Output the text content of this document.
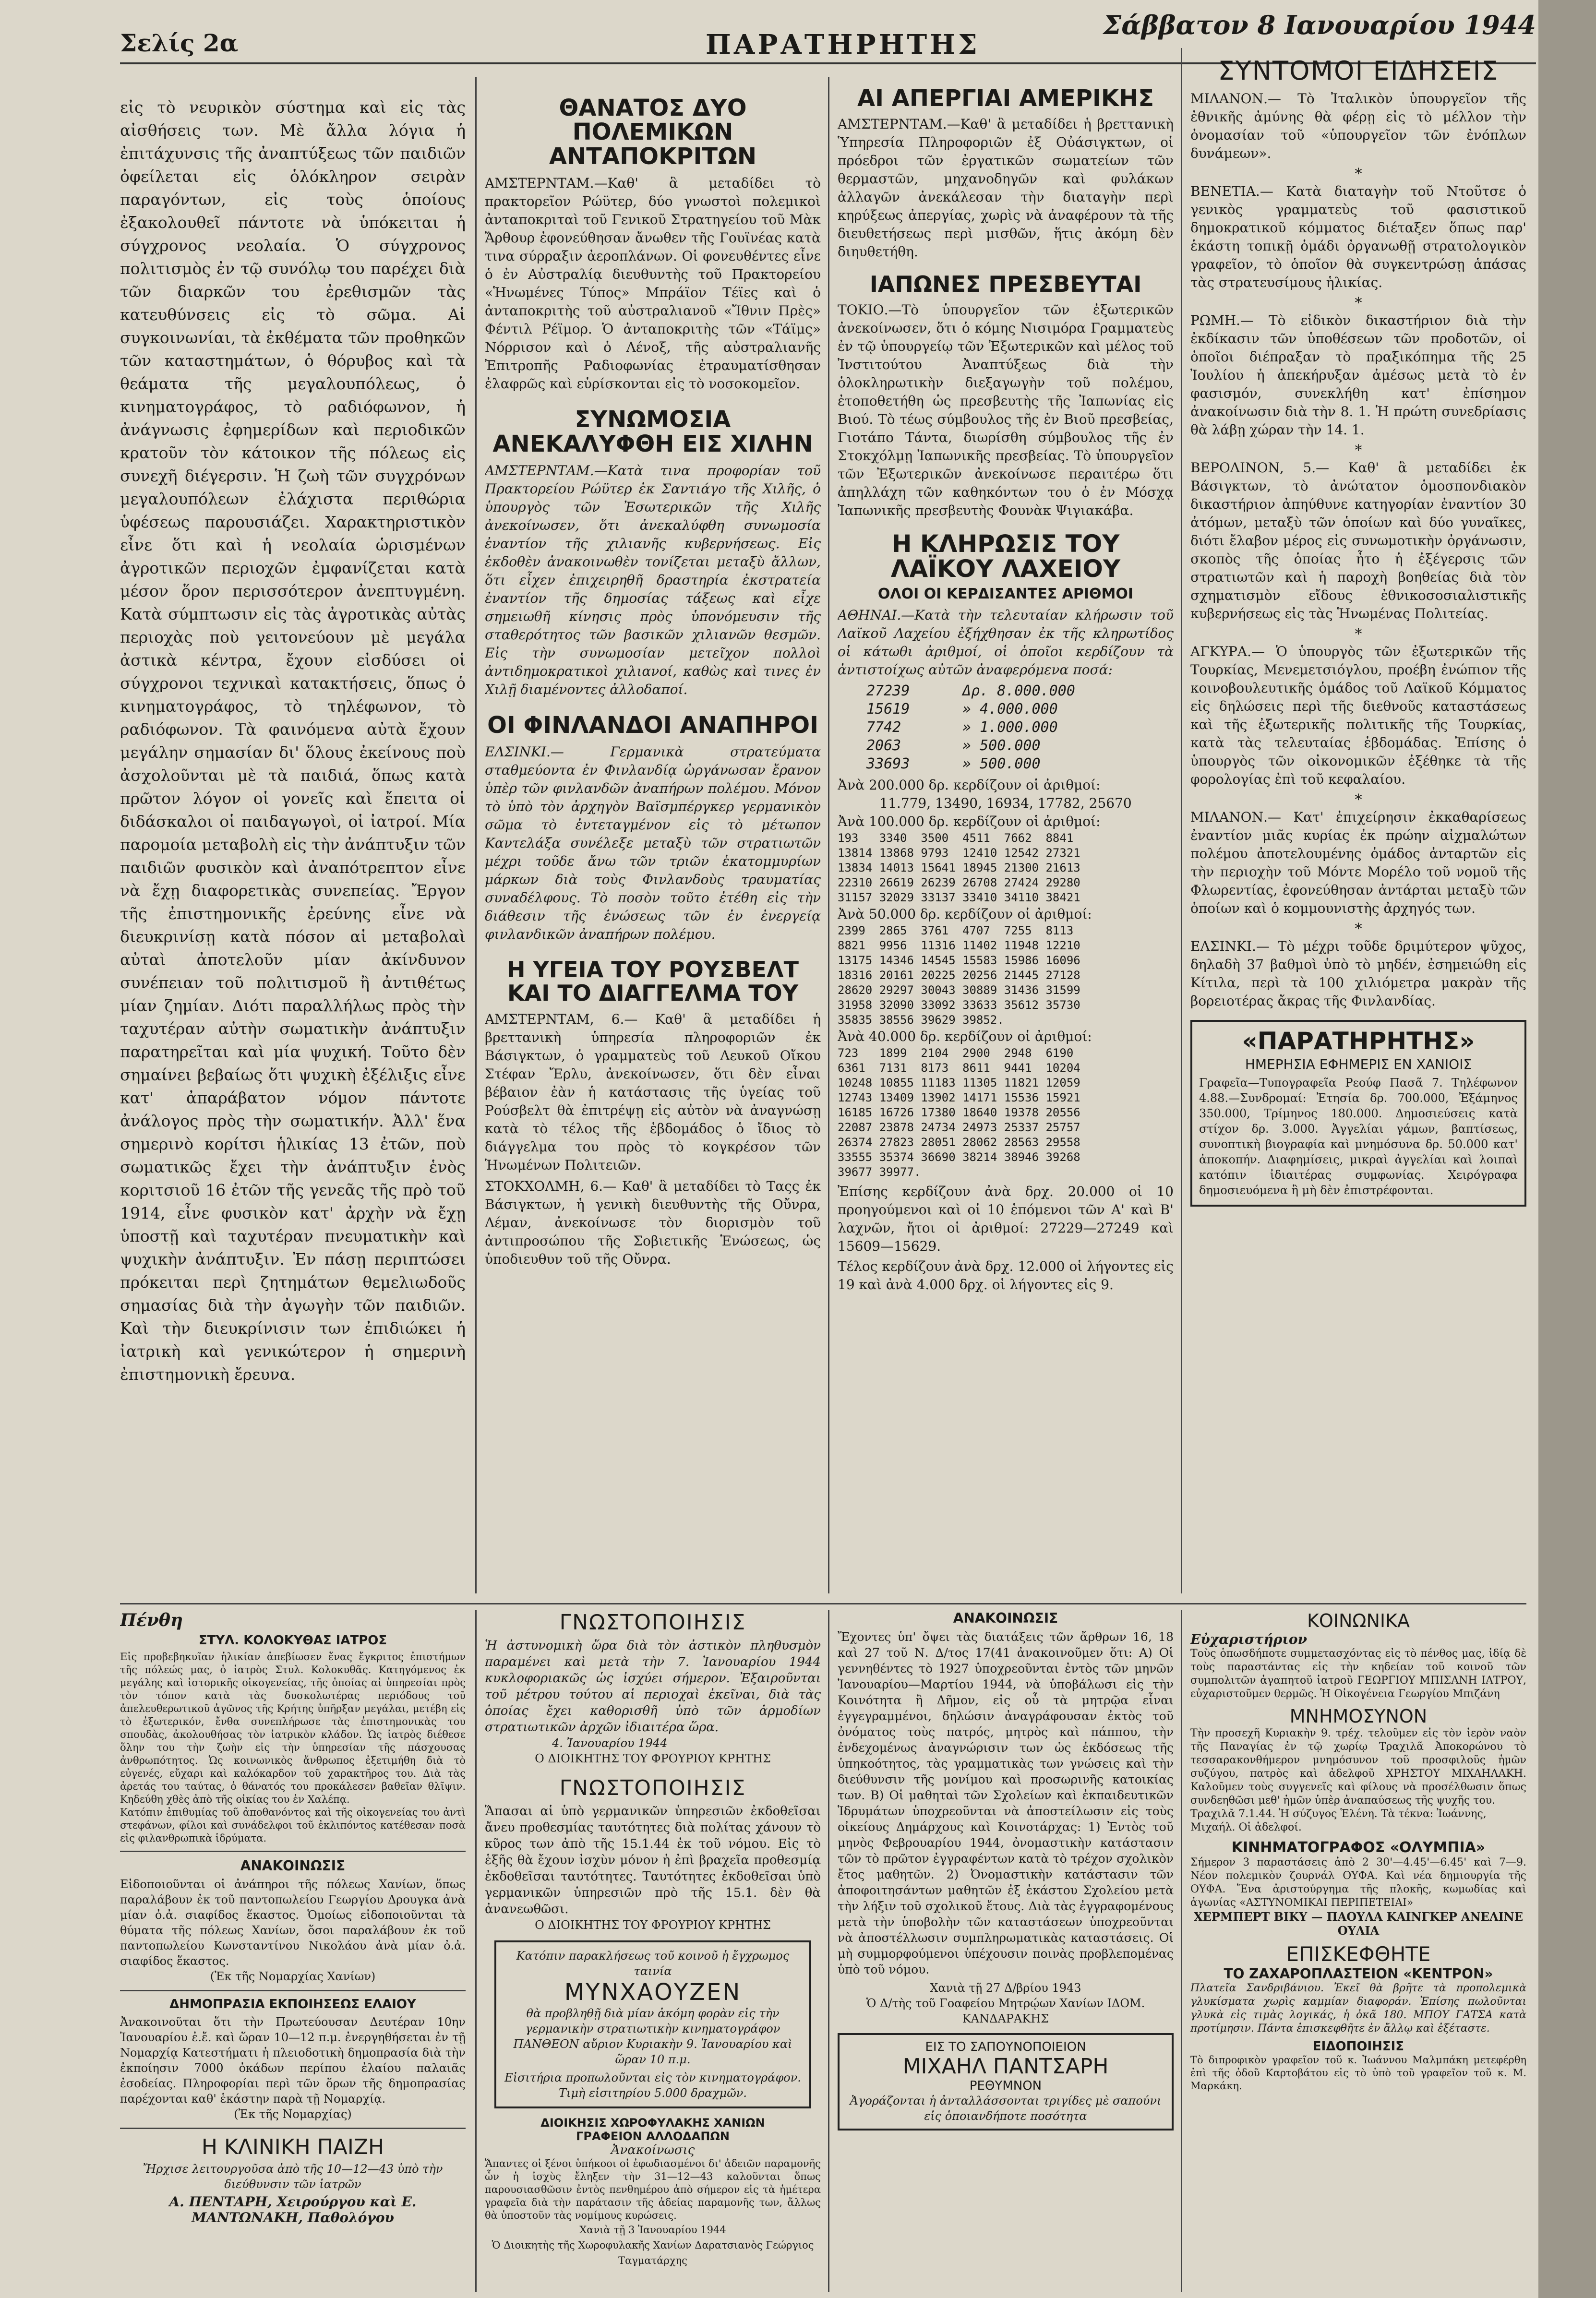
Σελίς 2α	ΠΑΡΑΤΗΡΗΤΗΣ
Σάββατον 8 Ιανουαρίου 1944

εἰς τὸ νευρικὸν σύστημα καὶ εἰς τὰς αἰσθήσεις των. Μὲ ἄλλα λόγια ἡ ἐπιτάχυνσις τῆς ἀναπτύξεως τῶν παιδιῶν ὀφείλεται εἰς ὁλόκληρον σειρὰν παραγόντων, εἰς τοὺς ὁποίους ἐξακολουθεῖ πάντοτε νὰ ὑπόκειται ἡ σύγχρονος νεολαία. Ὁ σύγχρονος πολιτισμὸς ἐν τῷ συνόλῳ του παρέχει διὰ τῶν διαρκῶν του ἐρεθισμῶν τὰς κατευθύνσεις εἰς τὸ σῶμα. Αἱ συγκοινωνίαι, τὰ ἐκθέματα τῶν προθηκῶν τῶν καταστημάτων, ὁ θόρυβος καὶ τὰ θεάματα τῆς μεγαλουπόλεως, ὁ κινηματογράφος, τὸ ραδιόφωνον, ἡ ἀνάγνωσις ἐφημερίδων καὶ περιοδικῶν κρατοῦν τὸν κάτοικον τῆς πόλεως εἰς συνεχῆ διέγερσιν. Ἡ ζωὴ τῶν συγχρόνων μεγαλουπόλεων ἐλάχιστα περιθώρια ὑφέσεως παρουσιάζει. Χαρακτηριστικὸν εἶνε ὅτι καὶ ἡ νεολαία ὡρισμένων ἀγροτικῶν περιοχῶν ἐμφανίζεται κατὰ μέσον ὅρον περισσότερον ἀνεπτυγμένη. Κατὰ σύμπτωσιν εἰς τὰς ἀγροτικὰς αὐτὰς περιοχὰς ποὺ γειτονεύουν μὲ μεγάλα ἀστικὰ κέντρα, ἔχουν εἰσδύσει οἱ σύγχρονοι τεχνικαὶ κατακτήσεις, ὅπως ὁ κινηματογράφος, τὸ τηλέφωνον, τὸ ραδιόφωνον. Τὰ φαινόμενα αὐτὰ ἔχουν μεγάλην σημασίαν δι' ὅλους ἐκείνους ποὺ ἀσχολοῦνται μὲ τὰ παιδιά, ὅπως κατὰ πρῶτον λόγον οἱ γονεῖς καὶ ἔπειτα οἱ διδάσκαλοι οἱ παιδαγωγοὶ, οἱ ἰατροί. Μία παρομοία μεταβολὴ εἰς τὴν ἀνάπτυξιν τῶν παιδιῶν φυσικὸν καὶ ἀναπότρεπτον εἶνε νὰ ἔχῃ διαφορετικὰς συνεπείας. Ἔργον τῆς ἐπιστημονικῆς ἐρεύνης εἶνε νὰ διευκρινίσῃ κατὰ πόσον αἱ μεταβολαὶ αὐταὶ ἀποτελοῦν μίαν ἀκίνδυνον συνέπειαν τοῦ πολιτισμοῦ ἢ ἀντιθέτως μίαν ζημίαν. Διότι παραλλήλως πρὸς τὴν ταχυτέραν αὐτὴν σωματικὴν ἀνάπτυξιν παρατηρεῖται καὶ μία ψυχική. Τοῦτο δὲν σημαίνει βεβαίως ὅτι ψυχικὴ ἐξέλιξις εἶνε κατ' ἀπαράβατον νόμον πάντοτε ἀνάλογος πρὸς τὴν σωματικήν. Ἀλλ' ἕνα σημερινὸ κορίτσι ἡλικίας 13 ἐτῶν, ποὺ σωματικῶς ἔχει τὴν ἀνάπτυξιν ἑνὸς κοριτσιοῦ 16 ἐτῶν τῆς γενεᾶς τῆς πρὸ τοῦ 1914, εἶνε φυσικὸν κατ' ἀρχὴν νὰ ἔχῃ ὑποστῇ καὶ ταχυτέραν πνευματικὴν καὶ ψυχικὴν ἀνάπτυξιν. Ἐν πάσῃ περιπτώσει πρόκειται περὶ ζητημάτων θεμελιωδοῦς σημασίας διὰ τὴν ἀγωγὴν τῶν παιδιῶν. Καὶ τὴν διευκρίνισιν των ἐπιδιώκει ἡ ἰατρικὴ καὶ γενικώτερον ἡ σημερινὴ ἐπιστημονικὴ ἔρευνα.

ΘΑΝΑΤΟΣ ΔΥΟ ΠΟΛΕΜΙΚΩΝ ΑΝΤΑΠΟΚΡΙΤΩΝ

ΑΜΣΤΕΡΝΤΑΜ.—Καθ' ἃ μεταδίδει τὸ πρακτορεῖον Ρώϋτερ, δύο γνωστοὶ πολεμικοὶ ἀνταποκριταὶ τοῦ Γενικοῦ Στρατηγείου τοῦ Μὰκ Ἄρθουρ ἐφονεύθησαν ἄνωθεν τῆς Γουϊνέας κατὰ τινα σύρραξιν ἀεροπλάνων. Οἱ φονευθέντες εἶνε ὁ ἐν Αὐστραλίᾳ διευθυντὴς τοῦ Πρακτορείου «Ἡνωμένες Τύπος» Μπράϊον Τέϊες καὶ ὁ ἀνταποκριτὴς τοῦ αὐστραλιανοῦ «Ἴθνιν Πρὲς» Φέντιλ Ρέϊμορ. Ὁ ἀνταποκριτὴς τῶν «Τάϊμς» Νόρρισον καὶ ὁ Λένοξ, τῆς αὐστραλιανῆς Ἐπιτροπῆς Ραδιοφωνίας ἐτραυματίσθησαν ἐλαφρῶς καὶ εὑρίσκονται εἰς τὸ νοσοκομεῖον.

ΣΥΝΩΜΟΣΙΑ ΑΝΕΚΑΛΥΦΘΗ ΕΙΣ ΧΙΛΗΝ

ΑΜΣΤΕΡΝΤΑΜ.—Κατὰ τινα προφορίαν τοῦ Πρακτορείου Ρώϋτερ ἐκ Σαντιάγο τῆς Χιλῆς, ὁ ὑπουργὸς τῶν Ἐσωτερικῶν τῆς Χιλῆς ἀνεκοίνωσεν, ὅτι ἀνεκαλύφθη συνωμοσία ἐναντίον τῆς χιλιανῆς κυβερνήσεως. Εἰς ἐκδοθὲν ἀνακοινωθὲν τονίζεται μεταξὺ ἄλλων, ὅτι εἶχεν ἐπιχειρηθῆ δραστηρία ἐκστρατεία ἐναντίον τῆς δημοσίας τάξεως καὶ εἶχε σημειωθῆ κίνησις πρὸς ὑπονόμευσιν τῆς σταθερότητος τῶν βασικῶν χιλιανῶν θεσμῶν. Εἰς τὴν συνωμοσίαν μετεῖχον πολλοὶ ἀντιδημοκρατικοὶ χιλιανοί, καθὼς καὶ τινες ἐν Χιλῇ διαμένοντες ἀλλοδαποί.

ΟΙ ΦΙΝΛΑΝΔΟΙ ΑΝΑΠΗΡΟΙ

ΕΛΣΙΝΚΙ.— Γερμανικὰ στρατεύματα σταθμεύοντα ἐν Φινλανδίᾳ ὠργάνωσαν ἔρανον ὑπὲρ τῶν φινλανδῶν ἀναπήρων πολέμου. Μόνον τὸ ὑπὸ τὸν ἀρχηγὸν Βαϊσμπέργκερ γερμανικὸν σῶμα τὸ ἐντεταγμένον εἰς τὸ μέτωπον Καντελάξα συνέλεξε μεταξὺ τῶν στρατιωτῶν μέχρι τοῦδε ἄνω τῶν τριῶν ἑκατομμυρίων μάρκων διὰ τοὺς Φινλανδοὺς τραυματίας συναδέλφους. Τὸ ποσὸν τοῦτο ἐτέθη εἰς τὴν διάθεσιν τῆς ἑνώσεως τῶν ἐν ἐνεργείᾳ φινλανδικῶν ἀναπήρων πολέμου.

Η ΥΓΕΙΑ ΤΟΥ ΡΟΥΣΒΕΛΤ ΚΑΙ ΤΟ ΔΙΑΓΓΕΛΜΑ ΤΟΥ

ΑΜΣΤΕΡΝΤΑΜ, 6.— Καθ' ἃ μεταδίδει ἡ βρεττανικὴ ὑπηρεσία πληροφοριῶν ἐκ Βάσιγκτων, ὁ γραμματεὺς τοῦ Λευκοῦ Οἴκου Στέφαν Ἔρλυ, ἀνεκοίνωσεν, ὅτι δὲν εἶναι βέβαιον ἐὰν ἡ κατάστασις τῆς ὑγείας τοῦ Ρούσβελτ θὰ ἐπιτρέψῃ εἰς αὐτὸν νὰ ἀναγνώσῃ κατὰ τὸ τέλος τῆς ἑβδομάδος ὁ ἴδιος τὸ διάγγελμα του πρὸς τὸ κογκρέσον τῶν Ἡνωμένων Πολιτειῶν.

ΣΤΟΚΧΟΛΜΗ, 6.— Καθ' ἃ μεταδίδει τὸ Ταςς ἐκ Βάσιγκτων, ἡ γενικὴ διευθυντὴς τῆς Οὔνρα, Λέμαν, ἀνεκοίνωσε τὸν διορισμὸν τοῦ ἀντιπροσώπου τῆς Σοβιετικῆς Ἑνώσεως, ὡς ὑποδιευθυν τοῦ τῆς Οὔνρα.

ΑΙ ΑΠΕΡΓΙΑΙ ΑΜΕΡΙΚΗΣ

ΑΜΣΤΕΡΝΤΑΜ.—Καθ' ἃ μεταδίδει ἡ βρεττανικὴ Ὑπηρεσία Πληροφοριῶν ἐξ Οὐάσιγκτων, οἱ πρόεδροι τῶν ἐργατικῶν σωματείων τῶν θερμαστῶν, μηχανοδηγῶν καὶ φυλάκων ἀλλαγῶν ἀνεκάλεσαν τὴν διαταγὴν περὶ κηρύξεως ἀπεργίας, χωρὶς νὰ ἀναφέρουν τὰ τῆς διευθετήσεως περὶ μισθῶν, ἥτις ἀκόμη δὲν διηυθετήθη.

ΙΑΠΩΝΕΣ ΠΡΕΣΒΕΥΤΑΙ

ΤΟΚΙΟ.—Τὸ ὑπουργεῖον τῶν ἐξωτερικῶν ἀνεκοίνωσεν, ὅτι ὁ κόμης Νισιμόρα Γραμματεὺς ἐν τῷ ὑπουργείῳ τῶν Ἐξωτερικῶν καὶ μέλος τοῦ Ἰνστιτούτου Ἀναπτύξεως διὰ τὴν ὁλοκληρωτικὴν διεξαγωγὴν τοῦ πολέμου, ἐτοποθετήθη ὡς πρεσβευτὴς τῆς Ἰαπωνίας εἰς Βιού. Τὸ τέως σύμβουλος τῆς ἐν Βιοῦ πρεσβείας, Γιοτάπο Τάντα, διωρίσθη σύμβουλος τῆς ἐν Στοκχόλμῃ Ἰαπωνικῆς πρεσβείας. Τὸ ὑπουργεῖον τῶν Ἐξωτερικῶν ἀνεκοίνωσε περαιτέρω ὅτι ἀπηλλάχη τῶν καθηκόντων του ὁ ἐν Μόσχᾳ Ἰαπωνικῆς πρεσβευτὴς Φουνὰκ Ψιγιακάβα.

Η ΚΛΗΡΩΣΙΣ ΤΟΥ ΛΑΪΚΟΥ ΛΑΧΕΙΟΥ
ΟΛΟΙ ΟΙ ΚΕΡΔΙΣΑΝΤΕΣ ΑΡΙΘΜΟΙ

ΑΘΗΝΑΙ.—Κατὰ τὴν τελευταίαν κλήρωσιν τοῦ Λαϊκοῦ Λαχείου ἐξήχθησαν ἐκ τῆς κληρωτίδος οἱ κάτωθι ἀριθμοί, οἱ ὁποῖοι κερδίζουν τὰ ἀντιστοίχως αὐτῶν ἀναφερόμενα ποσά:

27239	Δρ. 8.000.000
15619	» 4.000.000
7742	» 1.000.000
2063	» 500.000
33693	» 500.000
Ἀνὰ 200.000 δρ. κερδίζουν οἱ ἀριθμοί:
11.779, 13490, 16934, 17782, 25670
Ἀνὰ 100.000 δρ. κερδίζουν οἱ ἀριθμοί:
193   3340  3500  4511  7662  8841
13814 13868 9793  12410 12542 27321
13834 14013 15641 18945 21300 21613
22310 26619 26239 26708 27424 29280
31157 32029 33137 33410 34110 38421
Ἀνὰ 50.000 δρ. κερδίζουν οἱ ἀριθμοί:
2399  2865  3761  4707  7255  8113
8821  9956  11316 11402 11948 12210
13175 14346 14545 15583 15986 16096
18316 20161 20225 20256 21445 27128
28620 29297 30043 30889 31436 31599
31958 32090 33092 33633 35612 35730
35835 38556 39629 39852.
Ἀνὰ 40.000 δρ. κερδίζουν οἱ ἀριθμοί:
723   1899  2104  2900  2948  6190
6361  7131  8173  8611  9441  10204
10248 10855 11183 11305 11821 12059
12743 13409 13902 14171 15536 15921
16185 16726 17380 18640 19378 20556
22087 23878 24734 24973 25337 25757
26374 27823 28051 28062 28563 29558
33555 35374 36690 38214 38946 39268
39677 39977.

Ἐπίσης κερδίζουν ἀνὰ δρχ. 20.000 οἱ 10 προηγούμενοι καὶ οἱ 10 ἑπόμενοι τῶν Α' καὶ Β' λαχνῶν, ἤτοι οἱ ἀριθμοί: 27229—27249 καὶ 15609—15629.

Τέλος κερδίζουν ἀνὰ δρχ. 12.000 οἱ λήγοντες εἰς 19 καὶ ἀνὰ 4.000 δρχ. οἱ λήγοντες εἰς 9.

ΣΥΝΤΟΜΟΙ ΕΙΔΗΣΕΙΣ

ΜΙΛΑΝΟΝ.— Τὸ Ἰταλικὸν ὑπουργεῖον τῆς ἐθνικῆς ἀμύνης θὰ φέρῃ εἰς τὸ μέλλον τὴν ὀνομασίαν τοῦ «ὑπουργεῖον τῶν ἐνόπλων δυνάμεων».

*

ΒΕΝΕΤΙΑ.— Κατὰ διαταγὴν τοῦ Ντοῦτσε ὁ γενικὸς γραμματεὺς τοῦ φασιστικοῦ δημοκρατικοῦ κόμματος διέταξεν ὅπως παρ' ἑκάστη τοπικῇ ὁμάδι ὀργανωθῇ στρατολογικὸν γραφεῖον, τὸ ὁποῖον θὰ συγκεντρώσῃ ἁπάσας τὰς στρατευσίμους ἡλικίας.

*

ΡΩΜΗ.— Τὸ εἰδικὸν δικαστήριον διὰ τὴν ἐκδίκασιν τῶν ὑποθέσεων τῶν προδοτῶν, οἱ ὁποῖοι διέπραξαν τὸ πραξικόπημα τῆς 25 Ἰουλίου ἡ ἀπεκήρυξαν ἀμέσως μετὰ τὸ ἐν φασισμόν, συνεκλήθη κατ' ἐπίσημον ἀνακοίνωσιν διὰ τὴν 8. 1. Ἡ πρώτη συνεδρίασις θὰ λάβῃ χώραν τὴν 14. 1.

*

ΒΕΡΟΛΙΝΟΝ, 5.— Καθ' ἃ μεταδίδει ἐκ Βάσιγκτων, τὸ ἀνώτατον ὁμοσπονδιακὸν δικαστήριον ἀπηύθυνε κατηγορίαν ἐναντίον 30 ἀτόμων, μεταξὺ τῶν ὁποίων καὶ δύο γυναῖκες, διότι ἔλαβον μέρος εἰς συνωμοτικὴν ὀργάνωσιν, σκοπὸς τῆς ὁποίας ἦτο ἡ ἐξέγερσις τῶν στρατιωτῶν καὶ ἡ παροχὴ βοηθείας διὰ τὸν σχηματισμὸν εἴδους ἐθνικοσοσιαλιστικῆς κυβερνήσεως εἰς τὰς Ἡνωμένας Πολιτείας.

*

ΑΓΚΥΡΑ.— Ὁ ὑπουργὸς τῶν ἐξωτερικῶν τῆς Τουρκίας, Μενεμετσιόγλου, προέβη ἐνώπιον τῆς κοινοβουλευτικῆς ὁμάδος τοῦ Λαϊκοῦ Κόμματος εἰς δηλώσεις περὶ τῆς διεθνοῦς καταστάσεως καὶ τῆς ἐξωτερικῆς πολιτικῆς τῆς Τουρκίας, κατὰ τὰς τελευταίας ἑβδομάδας. Ἐπίσης ὁ ὑπουργὸς τῶν οἰκονομικῶν ἐξέθηκε τὰ τῆς φορολογίας ἐπὶ τοῦ κεφαλαίου.

*

ΜΙΛΑΝΟΝ.— Κατ' ἐπιχείρησιν ἐκκαθαρίσεως ἐναντίον μιᾶς κυρίας ἐκ πρώην αἰχμαλώτων πολέμου ἀποτελουμένης ὁμάδος ἀνταρτῶν εἰς τὴν περιοχὴν τοῦ Μόντε Μορέλο τοῦ νομοῦ τῆς Φλωρεντίας, ἐφονεύθησαν ἀντάρται μεταξὺ τῶν ὁποίων καὶ ὁ κομμουνιστὴς ἀρχηγός των.

*

ΕΛΣΙΝΚΙ.— Τὸ μέχρι τοῦδε δριμύτερον ψῦχος, δηλαδὴ 37 βαθμοὶ ὑπὸ τὸ μηδέν, ἐσημειώθη εἰς Κίτιλα, περὶ τὰ 100 χιλιόμετρα μακρὰν τῆς βορειοτέρας ἄκρας τῆς Φινλανδίας.

«ΠΑΡΑΤΗΡΗΤΗΣ»
ΗΜΕΡΗΣΙΑ ΕΦΗΜΕΡΙΣ ΕΝ ΧΑΝΙΟΙΣ

Γραφεῖα—Τυπογραφεῖα Ρεούφ Πασᾶ 7. Τηλέφωνον 4.88.—Συνδρομαί: Ἐτησία δρ. 700.000, Ἐξάμηνος 350.000, Τρίμηνος 180.000. Δημοσιεύσεις κατὰ στίχον δρ. 3.000. Ἀγγελίαι γάμων, βαπτίσεως, συνοπτικὴ βιογραφία καὶ μνημόσυνα δρ. 50.000 κατ' ἀποκοπήν. Διαφημίσεις, μικραὶ ἀγγελίαι καὶ λοιπαὶ κατόπιν ἰδιαιτέρας συμφωνίας. Χειρόγραφα δημοσιευόμενα ἢ μὴ δὲν ἐπιστρέφονται.

Πένθη
ΣΤΥΛ. ΚΟΛΟΚΥΘΑΣ ΙΑΤΡΟΣ

Εἰς προβεβηκυῖαν ἡλικίαν ἀπεβίωσεν ἕνας ἔγκριτος ἐπιστήμων τῆς πόλεώς μας, ὁ ἰατρὸς Στυλ. Κολοκυθᾶς. Κατηγόμενος ἐκ μεγάλης καὶ ἱστορικῆς οἰκογενείας, τῆς ὁποίας αἱ ὑπηρεσίαι πρὸς τὸν τόπον κατὰ τὰς δυσκολωτέρας περιόδους τοῦ ἀπελευθερωτικοῦ ἀγῶνος τῆς Κρήτης ὑπῆρξαν μεγάλαι, μετέβη εἰς τὸ ἐξωτερικόν, ἔνθα συνεπλήρωσε τὰς ἐπιστημονικὰς του σπουδὰς, ἀκολουθήσας τὸν ἰατρικὸν κλάδον. Ὡς ἰατρὸς διέθεσε ὅλην του τὴν ζωὴν εἰς τὴν ὑπηρεσίαν τῆς πάσχουσας ἀνθρωπότητος. Ὡς κοινωνικὸς ἄνθρωπος ἐξετιμήθη διὰ τὸ εὐγενές, εὔχαρι καὶ καλόκαρδον τοῦ χαρακτῆρος του. Διὰ τὰς ἀρετάς του ταύτας, ὁ θάνατός του προκάλεσεν βαθεῖαν θλῖψιν. Κηδεύθη χθὲς ἀπὸ τῆς οἰκίας του ἐν Χαλέπᾳ.

Κατόπιν ἐπιθυμίας τοῦ ἀποθανόντος καὶ τῆς οἰκογενείας του ἀντὶ στεφάνων, φίλοι καὶ συνάδελφοι τοῦ ἐκλιπόντος κατέθεσαν ποσὰ εἰς φιλανθρωπικὰ ἱδρύματα.

ΑΝΑΚΟΙΝΩΣΙΣ

Εἰδοποιοῦνται οἱ ἀνάπηροι τῆς πόλεως Χανίων, ὅπως παραλάβουν ἐκ τοῦ παντοπωλείου Γεωργίου Δρουγκα ἀνὰ μίαν ὀ.ἀ. σιαφίδος ἕκαστος. Ὁμοίως εἰδοποιοῦνται τὰ θύματα τῆς πόλεως Χανίων, ὅσοι παραλάβουν ἐκ τοῦ παντοπωλείου Κωνσταντίνου Νικολάου ἀνὰ μίαν ὀ.ἀ. σιαφίδος ἕκαστος.

(Ἐκ τῆς Νομαρχίας Χανίων)
ΔΗΜΟΠΡΑΣΙΑ ΕΚΠΟΙΗΣΕΩΣ ΕΛΑΙΟΥ

Ἀνακοινοῦται ὅτι τὴν Πρωτεύουσαν Δευτέραν 10ην Ἰανουαρίου ἐ.ἔ. καὶ ὥραν 10—12 π.μ. ἐνεργηθήσεται ἐν τῇ Νομαρχίᾳ Κατεστήματι ἡ πλειοδοτικὴ δημοπρασία διὰ τὴν ἐκποίησιν 7000 ὀκάδων περίπου ἐλαίου παλαιᾶς ἐσοδείας. Πληροφορίαι περὶ τῶν ὅρων τῆς δημοπρασίας παρέχονται καθ' ἑκάστην παρὰ τῇ Νομαρχίᾳ.

(Ἐκ τῆς Νομαρχίας)
Η ΚΛΙΝΙΚΗ ΠΑΙΖΗ
Ἤρχισε λειτουργοῦσα ἀπὸ τῆς 10—12—43 ὑπὸ τὴν διεύθυνσιν τῶν ἰατρῶν
Α. ΠΕΝΤΑΡΗ, Χειρούργου καὶ Ε. ΜΑΝΤΩΝΑΚΗ, Παθολόγου
ΓΝΩΣΤΟΠΟΙΗΣΙΣ

Ἡ ἀστυνομικὴ ὥρα διὰ τὸν ἀστικὸν πληθυσμὸν παραμένει καὶ μετὰ τὴν 7. Ἰανουαρίου 1944 κυκλοφοριακῶς ὡς ἰσχύει σήμερον. Ἐξαιροῦνται τοῦ μέτρου τούτου αἱ περιοχαὶ ἐκεῖναι, διὰ τὰς ὁποίας ἔχει καθορισθῆ ὑπὸ τῶν ἀρμοδίων στρατιωτικῶν ἀρχῶν ἰδιαιτέρα ὥρα.

4. Ἰανουαρίου 1944
Ο ΔΙΟΙΚΗΤΗΣ ΤΟΥ ΦΡΟΥΡΙΟΥ ΚΡΗΤΗΣ
ΓΝΩΣΤΟΠΟΙΗΣΙΣ

Ἅπασαι αἱ ὑπὸ γερμανικῶν ὑπηρεσιῶν ἐκδοθεῖσαι ἄνευ προθεσμίας ταυτότητες διὰ πολίτας χάνουν τὸ κῦρος των ἀπὸ τῆς 15.1.44 ἐκ τοῦ νόμου. Εἰς τὸ ἑξῆς θὰ ἔχουν ἰσχὺν μόνον ἡ ἐπὶ βραχεῖα προθεσμίᾳ ἐκδοθεῖσαι ταυτότητες. Ταυτότητες ἐκδοθεῖσαι ὑπὸ γερμανικῶν ὑπηρεσιῶν πρὸ τῆς 15.1. δὲν θὰ ἀνανεωθῶσι.

Ο ΔΙΟΙΚΗΤΗΣ ΤΟΥ ΦΡΟΥΡΙΟΥ ΚΡΗΤΗΣ
Κατόπιν παρακλήσεως τοῦ κοινοῦ ἡ ἔγχρωμος ταινία
ΜΥΝΧΑΟΥΖΕΝ

θὰ προβληθῇ διὰ μίαν ἀκόμη φορὰν εἰς τὴν γερμανικὴν στρατιωτικὴν κινηματογράφον ΠΑΝΘΕΟΝ αὔριον Κυριακὴν 9. Ἰανουαρίου καὶ ὥραν 10 π.μ.

Εἰσιτήρια προπωλοῦνται εἰς τὸν κινηματογράφον. Τιμὴ εἰσιτηρίου 5.000 δραχμῶν.

ΔΙΟΙΚΗΣΙΣ ΧΩΡΟΦΥΛΑΚΗΣ ΧΑΝΙΩΝ
ΓΡΑΦΕΙΟΝ ΑΛΛΟΔΑΠΩΝ
Ἀνακοίνωσις

Ἅπαντες οἱ ξένοι ὑπήκοοι οἱ ἐφωδιασμένοι δι' ἀδειῶν παραμονῆς ὧν ἡ ἰσχὺς ἔληξεν τὴν 31—12—43 καλοῦνται ὅπως παρουσιασθῶσιν ἐντὸς πενθημέρου ἀπὸ σήμερον εἰς τὰ ἡμέτερα γραφεῖα διὰ τὴν παράτασιν τῆς ἀδείας παραμονῆς των, ἄλλως θὰ ὑποστοῦν τὰς νομίμους κυρώσεις.

Χανιὰ τῇ 3 Ἰανουαρίου 1944
Ὁ Διοικητὴς τῆς Χωροφυλακῆς Χανίων Δαρατσιανὸς Γεώργιος Ταγματάρχης
ΑΝΑΚΟΙΝΩΣΙΣ

Ἔχοντες ὑπ' ὄψει τὰς διατάξεις τῶν ἄρθρων 16, 18 καὶ 27 τοῦ Ν. Δ/τος 17(41 ἀνακοινοῦμεν ὅτι: Α) Οἱ γεννηθέντες τὸ 1927 ὑποχρεοῦνται ἐντὸς τῶν μηνῶν Ἰανουαρίου—Μαρτίου 1944, νὰ ὑποβάλωσι εἰς τὴν Κοινότητα ἢ Δῆμον, εἰς οὗ τὰ μητρῷα εἶναι ἐγγεγραμμένοι, δηλώσιν ἀναγράφουσαν ἐκτὸς τοῦ ὀνόματος τοὺς πατρός, μητρὸς καὶ πάππου, τὴν ἐνδεχομένως ἀναγνώρισιν των ὡς ἐκδόσεως τῆς ὑπηκοότητος, τὰς γραμματικὰς των γνώσεις καὶ τὴν διεύθυνσιν τῆς μονίμου καὶ προσωρινῆς κατοικίας των. Β) Οἱ μαθηταὶ τῶν Σχολείων καὶ ἐκπαιδευτικῶν Ἱδρυμάτων ὑποχρεοῦνται νὰ ἀποστείλωσιν εἰς τοὺς οἰκείους Δημάρχους καὶ Κοινοτάρχας: 1) Ἐντὸς τοῦ μηνὸς Φεβρουαρίου 1944, ὀνομαστικὴν κατάστασιν τῶν τὸ πρῶτον ἐγγραφέντων κατὰ τὸ τρέχον σχολικὸν ἔτος μαθητῶν. 2) Ὀνομαστικὴν κατάστασιν τῶν ἀποφοιτησάντων μαθητῶν ἐξ ἑκάστου Σχολείου μετὰ τὴν λήξιν τοῦ σχολικοῦ ἔτους. Διὰ τὰς ἐγγραφομένους μετὰ τὴν ὑποβολὴν τῶν καταστάσεων ὑποχρεοῦνται νὰ ἀποστέλλωσιν συμπληρωματικὰς καταστάσεις. Οἱ μὴ συμμορφούμενοι ὑπέχουσιν ποινὰς προβλεπομένας ὑπὸ τοῦ νόμου.

Χανιὰ τῇ 27 Δ/βρίου 1943
Ὁ Δ/τὴς τοῦ Γοαφείου Μητρῴων Χανίων ΙΔΟΜ. ΚΑΝΔΑΡΑΚΗΣ
ΕΙΣ ΤΟ ΣΑΠΟΥΝΟΠΟΙΕΙΟΝ
ΜΙΧΑΗΛ ΠΑΝΤΣΑΡΗ
ΡΕΘΥΜΝΟΝ
Ἀγοράζονται ἡ ἀνταλλάσσονται τριγίδες μὲ σαπούνι εἰς ὁποιανδήποτε ποσότητα
ΚΟΙΝΩΝΙΚΑ
Εὐχαριστήριον

Τοὺς ὁπωσδήποτε συμμετασχόντας εἰς τὸ πένθος μας, ἰδίᾳ δὲ τοὺς παραστάντας εἰς τὴν κηδείαν τοῦ κοινοῦ τῶν συμπολιτῶν ἀγαπητοῦ ἰατροῦ ΓΕΩΡΓΙΟΥ ΜΠΙΣΑΝΗ ΙΑΤΡΟΥ, εὐχαριστοῦμεν θερμῶς. Ἡ Οἰκογένεια Γεωργίου Μπιζάνη

ΜΝΗΜΟΣΥΝΟΝ

Τὴν προσεχῆ Κυριακὴν 9. τρέχ. τελοῦμεν εἰς τὸν ἱερὸν ναὸν τῆς Παναγίας ἐν τῷ χωρίῳ Τραχιλᾶ Ἀποκορώνου τὸ τεσσαρακονθήμερον μνημόσυνον τοῦ προσφιλοῦς ἡμῶν συζύγου, πατρὸς καὶ ἀδελφοῦ ΧΡΗΣΤΟΥ ΜΙΧΑΗΛΑΚΗ. Καλοῦμεν τοὺς συγγενεῖς καὶ φίλους νὰ προσέλθωσιν ὅπως συνδεηθῶσι μεθ' ἡμῶν ὑπὲρ ἀναπαύσεως τῆς ψυχῆς του.

Τραχιλᾶ 7.1.44. Ἡ σύζυγος Ἑλένη. Τὰ τέκνα: Ἰωάννης, Μιχαήλ. Οἱ ἀδελφοί.
ΚΙΝΗΜΑΤΟΓΡΑΦΟΣ «ΟΛΥΜΠΙΑ»

Σήμερον 3 παραστάσεις ἀπὸ 2 30'—4.45'—6.45' καὶ 7—9. Νέον πολεμικὸν ζουρνάλ ΟΥΦΑ. Καὶ νέα δημιουργία τῆς ΟΥΦΑ. Ἕνα ἀριστούργημα τῆς πλοκῆς, κωμωδίας καὶ ἀγωνίας «ΑΣΤΥΝΟΜΙΚΑΙ ΠΕΡΙΠΕΤΕΙΑΙ»

ΧΕΡΜΠΕΡΤ ΒΙΚΥ — ΠΑΟΥΛΑ ΚΑΙΝΓΚΕΡ ΑΝΕΛΙΝΕ ΟΥΛΙΑ
ΕΠΙΣΚΕΦΘΗΤΕ
ΤΟ ΖΑΧΑΡΟΠΛΑΣΤΕΙΟΝ «ΚΕΝΤΡΟΝ»

Πλατεῖα Σανδριβάνιου. Ἐκεῖ θὰ βρῆτε τὰ προπολεμικὰ γλυκίσματα χωρὶς καμμίαν διαφοράν. Ἐπίσης πωλοῦνται γλυκὰ εἰς τιμὰς λογικάς, ἡ ὀκᾶ 180. ΜΠΟΥ ΓΑΤΣΑ κατὰ προτίμησιν. Πάντα ἐπισκεφθῆτε ἐν ἄλλῳ καὶ ἐξέταστε.

ΕΙΔΟΠΟΙΗΣΙΣ

Τὸ διπροφικὸν γραφεῖον τοῦ κ. Ἰωάννου Μαλμπάκη μετεφέρθη ἐπὶ τῆς ὁδοῦ Καρτοβάτου εἰς τὸ ὑπὸ τοῦ γραφεῖον τοῦ κ. Μ. Μαρκάκη.
